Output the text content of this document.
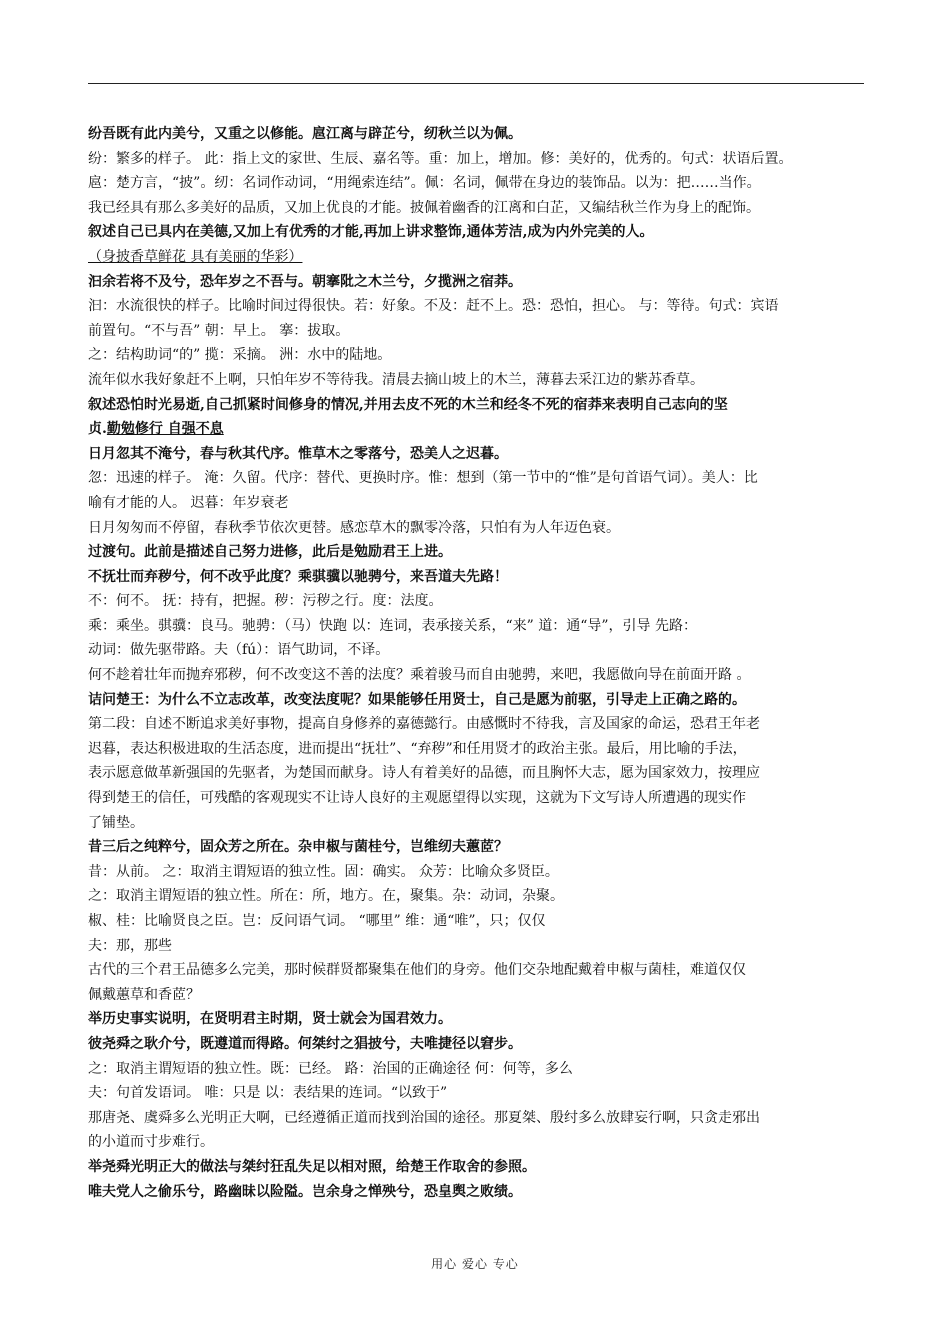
纷吾既有此内美兮，又重之以修能。扈江离与辟芷兮，纫秋兰以为佩。
纷：繁多的样子。 此：指上文的家世、生辰、嘉名等。重：加上，增加。修：美好的，优秀的。句式：状语后置。
扈：楚方言，“披”。纫：名词作动词，“用绳索连结”。佩：名词，佩带在身边的装饰品。以为：把……当作。
我已经具有那么多美好的品质，又加上优良的才能。披佩着幽香的江离和白芷，又编结秋兰作为身上的配饰。
叙述自己已具内在美德,又加上有优秀的才能,再加上讲求整饰,通体芳洁,成为内外完美的人。
（身披香草鲜花 具有美丽的华彩）
汩余若将不及兮，恐年岁之不吾与。朝搴阰之木兰兮，夕揽洲之宿莽。
汩：水流很快的样子。比喻时间过得很快。若：好象。不及：赶不上。恐：恐怕，担心。 与：等待。句式：宾语
前置句。“不与吾” 朝：早上。 搴：拔取。
之：结构助词“的” 揽：采摘。 洲：水中的陆地。
流年似水我好象赶不上啊，只怕年岁不等待我。清晨去摘山坡上的木兰，薄暮去采江边的紫苏香草。
叙述恐怕时光易逝,自己抓紧时间修身的情况,并用去皮不死的木兰和经冬不死的宿莽来表明自己志向的坚
贞.勤勉修行 自强不息
日月忽其不淹兮，春与秋其代序。惟草木之零落兮，恐美人之迟暮。
忽：迅速的样子。 淹：久留。代序：替代、更换时序。惟：想到（第一节中的“惟”是句首语气词）。美人：比
喻有才能的人。 迟暮：年岁衰老
日月匆匆而不停留，春秋季节依次更替。感恋草木的飘零冷落，只怕有为人年迈色衰。
过渡句。此前是描述自己努力进修，此后是勉励君王上进。
不抚壮而弃秽兮，何不改乎此度？乘骐骥以驰骋兮，来吾道夫先路！
不：何不。 抚：持有，把握。秽：污秽之行。度：法度。
乘：乘坐。骐骥：良马。驰骋：（马）快跑 以：连词，表承接关系，“来” 道：通“导”，引导 先路：
动词：做先驱带路。夫（fú）：语气助词，不译。
何不趁着壮年而抛弃邪秽，何不改变这不善的法度？乘着骏马而自由驰骋，来吧，我愿做向导在前面开路 。
诘问楚王：为什么不立志改革，改变法度呢？如果能够任用贤士，自己是愿为前驱，引导走上正确之路的。
第二段：自述不断追求美好事物，提高自身修养的嘉德懿行。由感慨时不待我，言及国家的命运，恐君王年老
迟暮，表达积极进取的生活态度，进而提出“抚壮”、“弃秽”和任用贤才的政治主张。最后，用比喻的手法，
表示愿意做革新强国的先驱者，为楚国而献身。诗人有着美好的品德，而且胸怀大志，愿为国家效力，按理应
得到楚王的信任，可残酷的客观现实不让诗人良好的主观愿望得以实现，这就为下文写诗人所遭遇的现实作
了铺垫。
昔三后之纯粹兮，固众芳之所在。杂申椒与菌桂兮，岂维纫夫蕙茝？
昔：从前。 之：取消主谓短语的独立性。固：确实。 众芳：比喻众多贤臣。
之：取消主谓短语的独立性。所在：所，地方。在，聚集。杂：动词，杂聚。
椒、桂：比喻贤良之臣。岂：反问语气词。 “哪里” 维：通“唯”，只；仅仅
夫：那，那些
古代的三个君王品德多么完美，那时候群贤都聚集在他们的身旁。他们交杂地配戴着申椒与菌桂，难道仅仅
佩戴蕙草和香茝？
举历史事实说明，在贤明君主时期，贤士就会为国君效力。
彼尧舜之耿介兮，既遵道而得路。何桀纣之猖披兮，夫唯捷径以窘步。
之：取消主谓短语的独立性。既：已经。 路：治国的正确途径 何：何等，多么
夫：句首发语词。 唯：只是 以：表结果的连词。“以致于”
那唐尧、虞舜多么光明正大啊，已经遵循正道而找到治国的途径。那夏桀、殷纣多么放肆妄行啊，只贪走邪出
的小道而寸步难行。
举尧舜光明正大的做法与桀纣狂乱失足以相对照，给楚王作取舍的参照。
唯夫党人之偷乐兮，路幽昧以险隘。岂余身之惮殃兮，恐皇舆之败绩。
用心 爱心 专心
